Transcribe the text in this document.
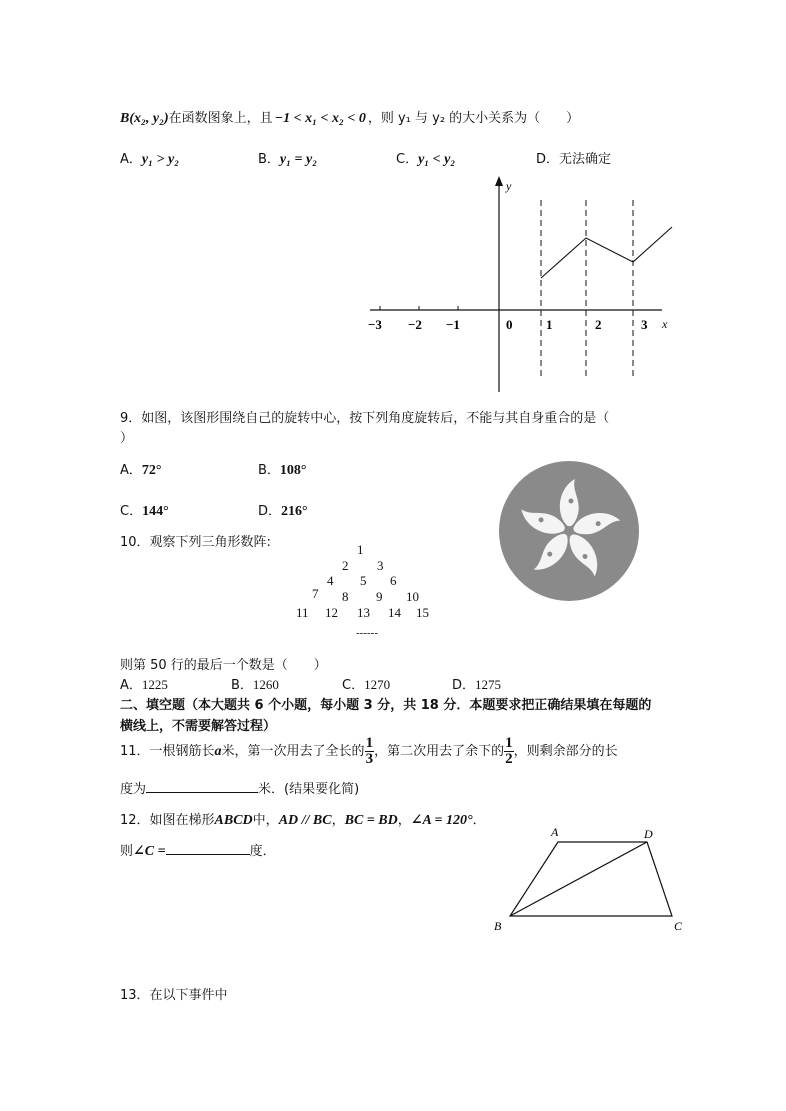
B(x₂, y₂)在函数图象上，且 −1 < x₁ < x₂ < 0 ，则 y₁ 与 y₂ 的大小关系为（　　）
A．y₁ > y₂	B．y₁ = y₂	C．y₁ < y₂	D．无法确定
y
x
−3 −2 −1	0	1	2	3
9．如图，该图形围绕自己的旋转中心，按下列角度旋转后，不能与其自身重合的是（
）
A．72°	B．108°
C．144°	D．216°
10．观察下列三角形数阵:	1
2 3
4 5 6
7 8 9 10
11 12 13 14 15
------
则第 50 行的最后一个数是（　　）
A．1225	B．1260	C．1270	D．1275
二、填空题（本大题共 6 个小题，每小题 3 分，共 18 分．本题要求把正确结果填在每题的
横线上，不需要解答过程）
11．一根钢筋长a米，第一次用去了全长的 $\frac{1}{3}$ ，第二次用去了余下的 $\frac{1}{2}$ ，则剩余部分的长
度为	米．(结果要化简)
12．如图在梯形ABCD中，AD // BC，BC = BD，∠A = 120°．
则∠C =	度．
A	D
B	C
13．在以下事件中
